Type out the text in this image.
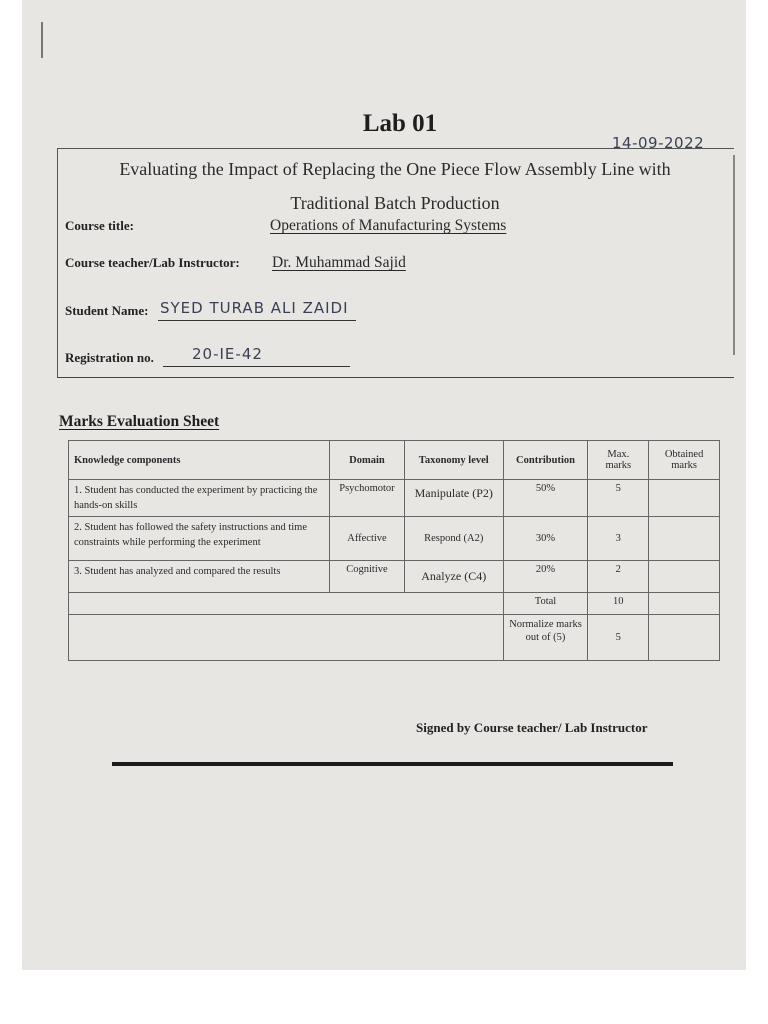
Lab 01
14-09-2022
Evaluating the Impact of Replacing the One Piece Flow Assembly Line with
Traditional Batch Production
Course title:	Operations of Manufacturing Systems
Course teacher/Lab Instructor: Dr. Muhammad Sajid
Student Name: SYED TURAB ALI ZAIDI
Registration no.	20-IE-42
Marks Evaluation Sheet
Knowledge components	Domain	Taxonomy level	Contribution	Max. marks	Obtained marks
1. Student has conducted the experiment by practicing the hands-on skills	Psychomotor	Manipulate (P2)	50%	5	
2. Student has followed the safety instructions and time constraints while performing the experiment	Affective	Respond (A2)	30%	3	
3. Student has analyzed and compared the results	Cognitive	Analyze (C4)	20%	2	
			Total	10	
			Normalize marks out of (5)	5	
Signed by Course teacher/ Lab Instructor
